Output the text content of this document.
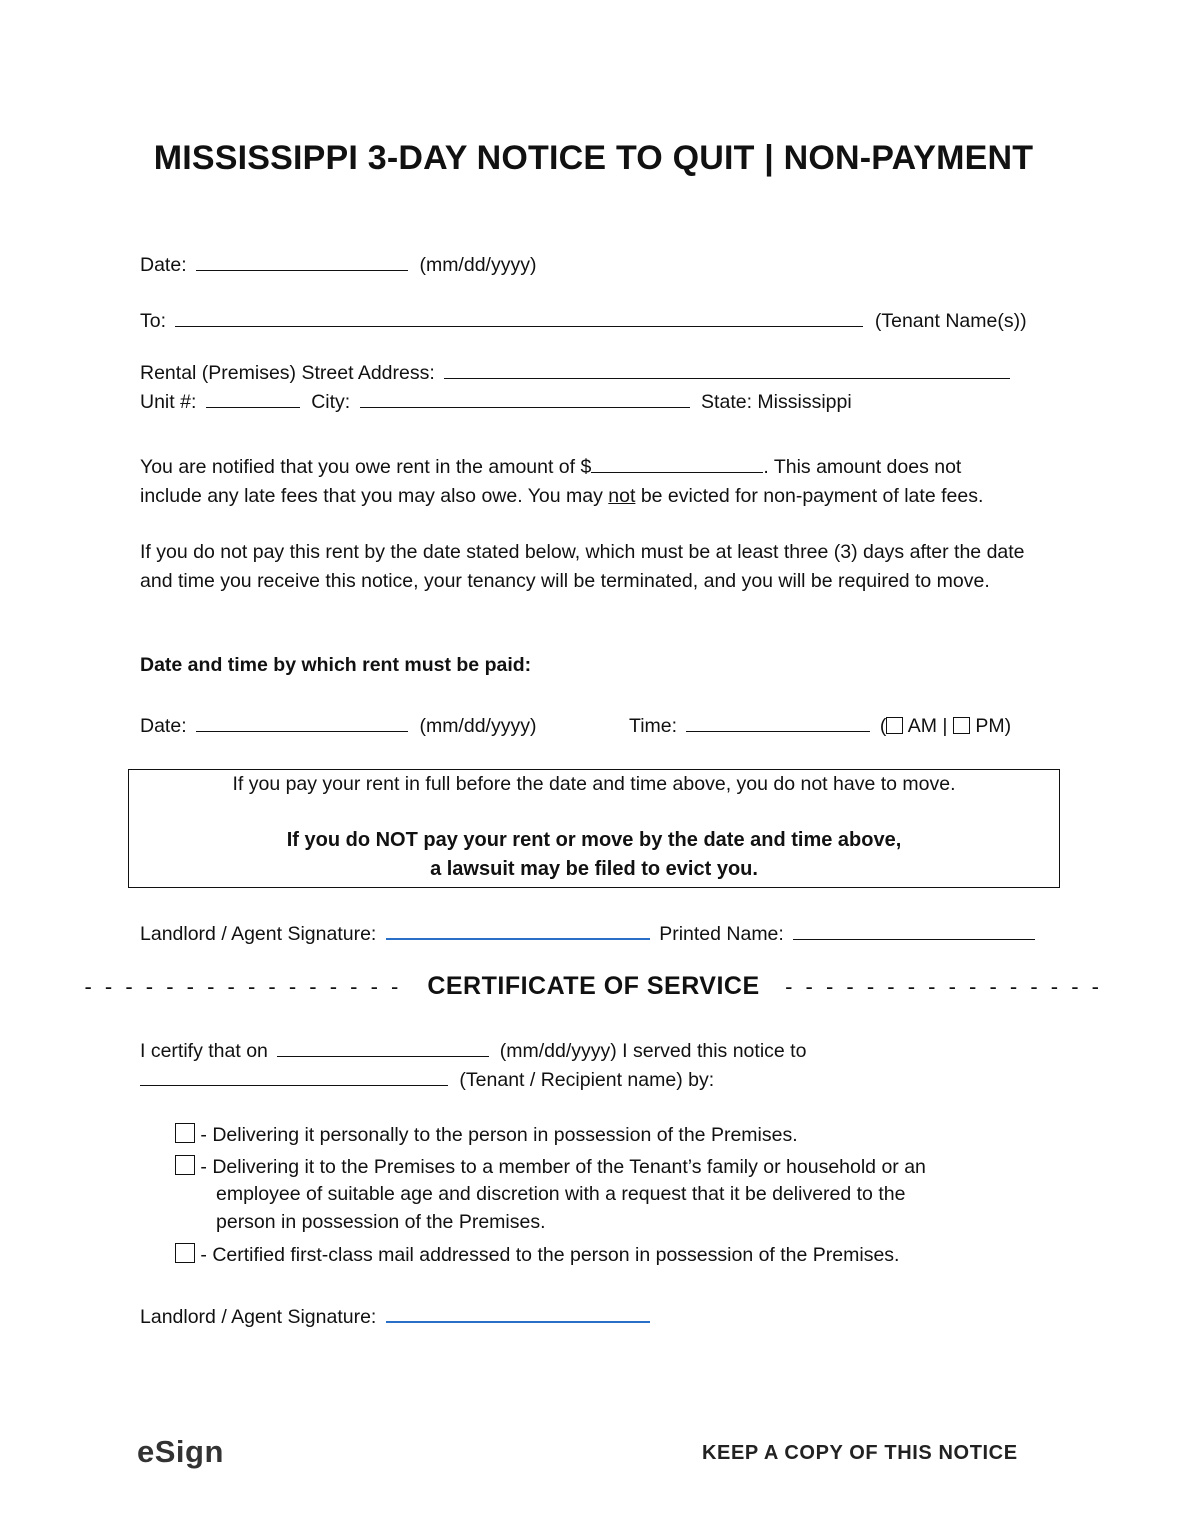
MISSISSIPPI 3-DAY NOTICE TO QUIT | NON-PAYMENT
Date:	(mm/dd/yyyy)
To:	(Tenant Name(s))
Rental (Premises) Street Address:
Unit #:	City:	State: Mississippi
You are notified that you owe rent in the amount of $	. This amount does not
include any late fees that you may also owe. You may not be evicted for non-payment of late fees.
If you do not pay this rent by the date stated below, which must be at least three (3) days after the date and time you receive this notice, your tenancy will be terminated, and you will be required to move.
Date and time by which rent must be paid:
Date:	(mm/dd/yyyy)	Time:	( AM | PM)
If you pay your rent in full before the date and time above, you do not have to move.
If you do NOT pay your rent or move by the date and time above,
a lawsuit may be filed to evict you.
Landlord / Agent Signature:	Printed Name:
- - - - - - - - - - - - - - - - CERTIFICATE OF SERVICE - - - - - - - - - - - - - - - -
I certify that on	(mm/dd/yyyy) I served this notice to
(Tenant / Recipient name) by:
- Delivering it personally to the person in possession of the Premises.
- Delivering it to the Premises to a member of the Tenant’s family or household or an
employee of suitable age and discretion with a request that it be delivered to the
person in possession of the Premises.
- Certified first-class mail addressed to the person in possession of the Premises.
Landlord / Agent Signature:
eSign	KEEP A COPY OF THIS NOTICE
